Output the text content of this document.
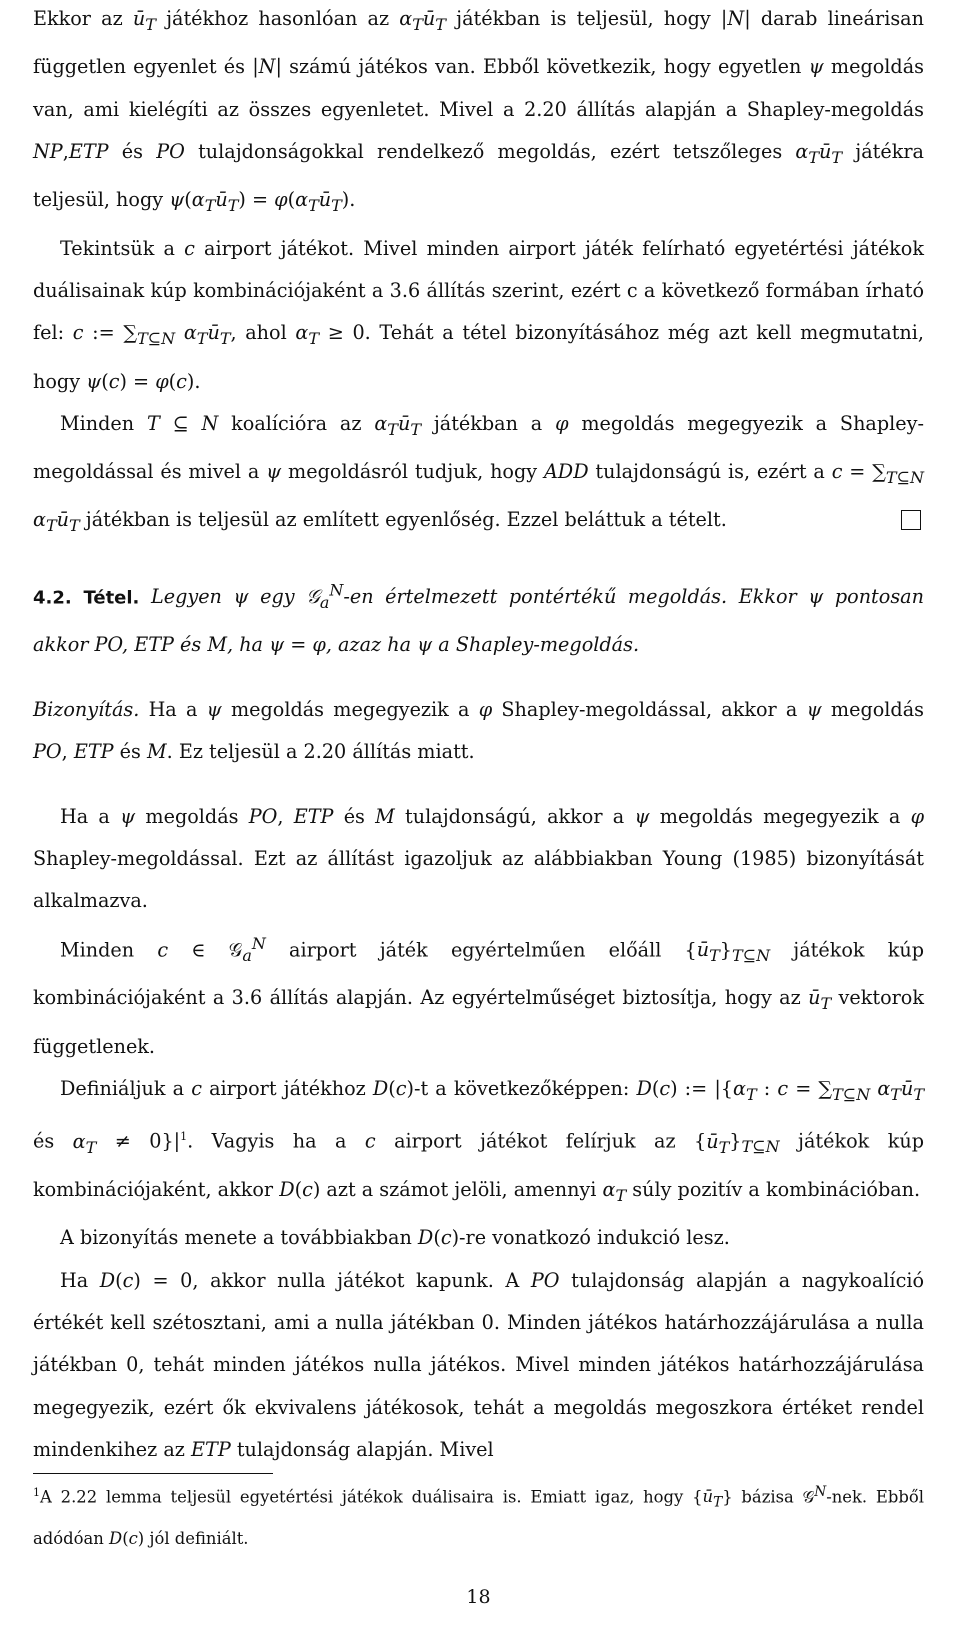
Ekkor az $ū_T$ játékhoz hasonlóan az $\alpha_Tū_T$ játékban is teljesül, hogy |N| darab lineárisan független egyenlet és |N| számú játékos van. Ebből következik, hogy egyetlen ψ megoldás van, ami kielégíti az összes egyenletet. Mivel a 2.20 állítás alapján a Shapley-megoldás NP,ETP és PO tulajdonságokkal rendelkező megoldás, ezért tetszőleges $\alpha_Tū_T$ játékra teljesül, hogy $\psi(\alpha_Tū_T)$ = $\varphi(\alpha_Tū_T)$.

Tekintsük a c airport játékot. Mivel minden airport játék felírható egyetértési játékok duálisainak kúp kombinációjaként a 3.6 állítás szerint, ezért c a következő formában írható fel: c := $\sum_{T⊆N}$ $\alpha_Tū_T$, ahol $\alpha_T \ge 0$. Tehát a tétel bizonyításához még azt kell megmutatni, hogy ψ(c) = φ(c).

Minden T ⊆ N koalícióra az $\alpha_Tū_T$ játékban a φ megoldás megegyezik a Shapley-megoldással és mivel a ψ megoldásról tudjuk, hogy ADD tulajdonságú is, ezért a $c = \sum_{T⊆N}$ $\alpha_Tū_T$ játékban is teljesül az említett egyenlőség. Ezzel beláttuk a tételt.

4.2. Tétel. Legyen ψ egy 𝒢$_a^N$-en értelmezett pontértékű megoldás. Ekkor ψ pontosan akkor PO, ETP és M, ha ψ = φ, azaz ha ψ a Shapley-megoldás.

Bizonyítás. Ha a ψ megoldás megegyezik a φ Shapley-megoldással, akkor a ψ megoldás PO, ETP és M. Ez teljesül a 2.20 állítás miatt.

Ha a ψ megoldás PO, ETP és M tulajdonságú, akkor a ψ megoldás megegyezik a φ Shapley-megoldással. Ezt az állítást igazoljuk az alábbiakban Young (1985) bizonyítását alkalmazva.

Minden c ∈ 𝒢$_a^N$ airport játék egyértelműen előáll $\{ū_T\}_{T⊆N}$ játékok kúp kombinációjaként a 3.6 állítás alapján. Az egyértelműséget biztosítja, hogy az $ū_T$ vektorok függetlenek.

Definiáljuk a c airport játékhoz D(c)-t a következőképpen: D(c) := $|\{\alpha_T$ : $c = \sum_{T⊆N}$ $\alpha_Tū_T$ és $\alpha_T \ne 0\}|^1$. Vagyis ha a c airport játékot felírjuk az $\{ū_T\}_{T⊆N}$ játékok kúp kombinációjaként, akkor D(c) azt a számot jelöli, amennyi $\alpha_T$ súly pozitív a kombinációban.

A bizonyítás menete a továbbiakban D(c)-re vonatkozó indukció lesz.

Ha D(c) = 0, akkor nulla játékot kapunk. A PO tulajdonság alapján a nagykoalíció értékét kell szétosztani, ami a nulla játékban 0. Minden játékos határhozzájárulása a nulla játékban 0, tehát minden játékos nulla játékos. Mivel minden játékos határhozzájárulása megegyezik, ezért ők ekvivalens játékosok, tehát a megoldás megoszkora értéket rendel mindenkihez az ETP tulajdonság alapján. Mivel

$^1$A 2.22 lemma teljesül egyetértési játékok duálisaira is. Emiatt igaz, hogy $\{ū_T\}$ bázisa 𝒢$^N$-nek. Ebből adódóan D(c) jól definiált.
18
